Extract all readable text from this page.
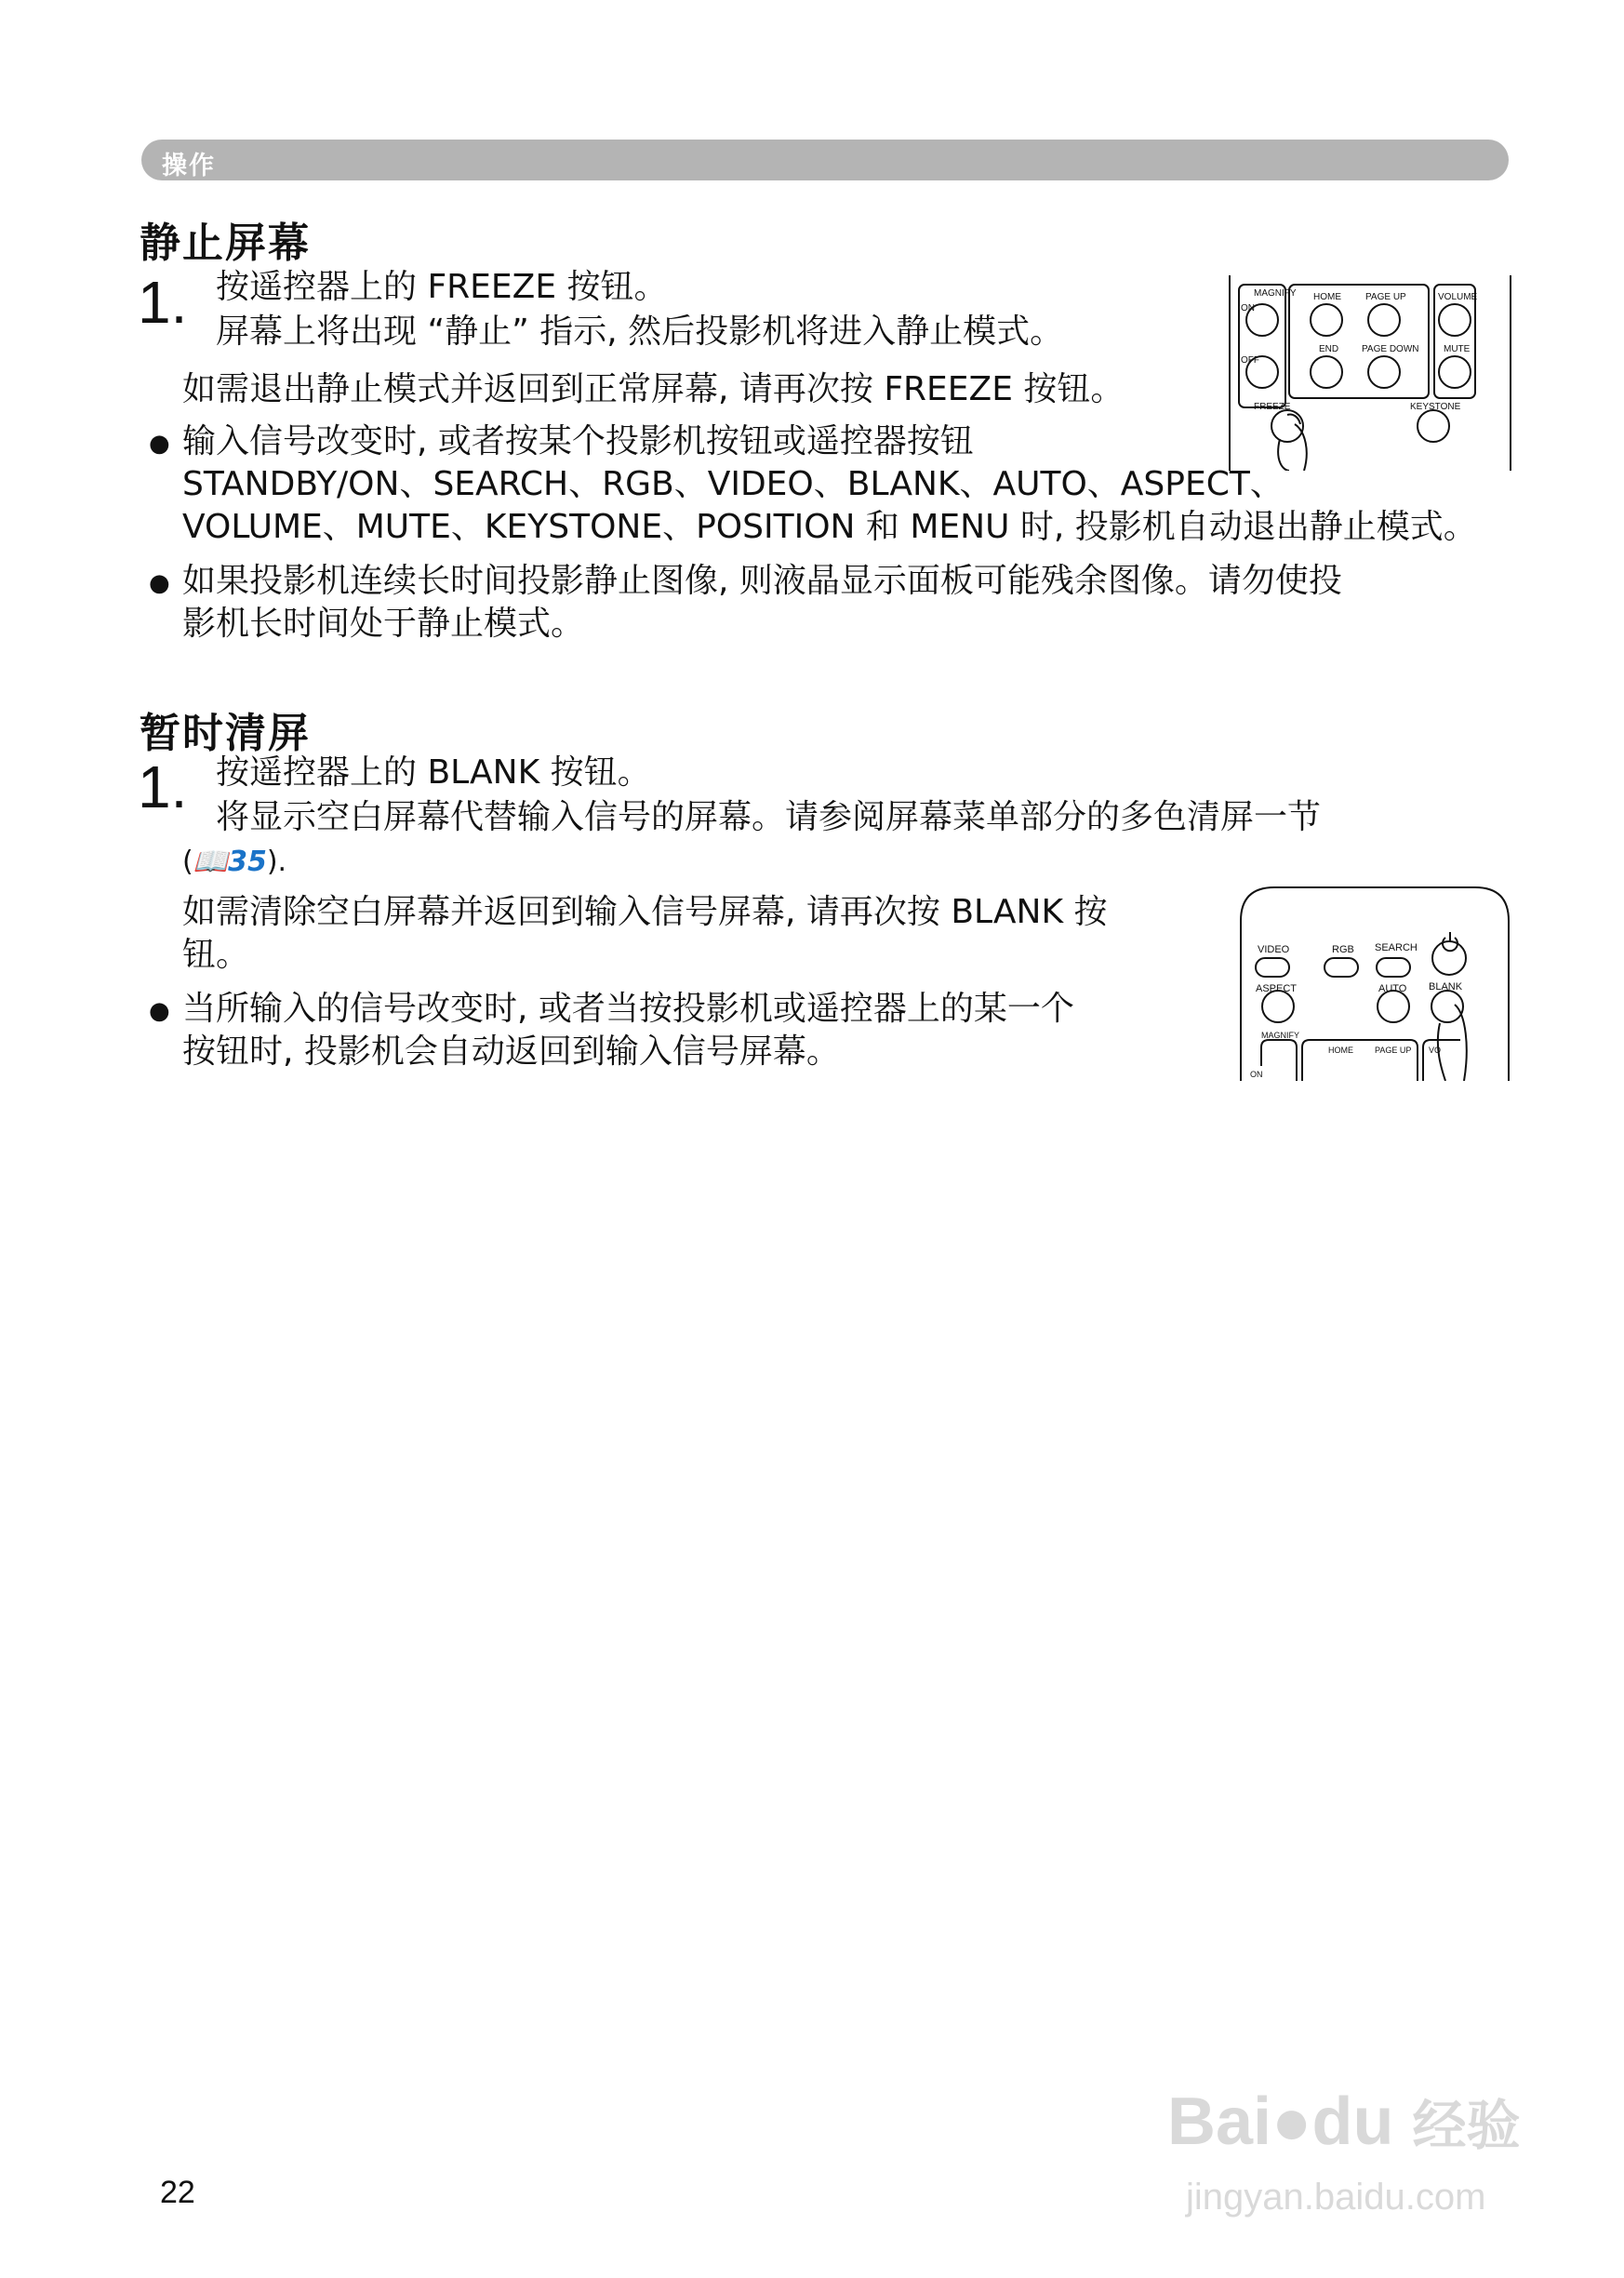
操作
静止屏幕
1. 按遥控器上的 FREEZE 按钮。
屏幕上将出现 “静止” 指示, 然后投影机将进入静止模式。
如需退出静止模式并返回到正常屏幕, 请再次按 FREEZE 按钮。
● 输入信号改变时, 或者按某个投影机按钮或遥控器按钮
STANDBY/ON、SEARCH、RGB、VIDEO、BLANK、AUTO、ASPECT、
VOLUME、MUTE、KEYSTONE、POSITION 和 MENU 时, 投影机自动退出静止模式。
● 如果投影机连续长时间投影静止图像, 则液晶显示面板可能残余图像。请勿使投
影机长时间处于静止模式。
MAGNIFY
ON
OFF
HOME	PAGE UP	VOLUME
END PAGE DOWN	MUTE
FREEZE	KEYSTONE
暂时清屏
1. 按遥控器上的 BLANK 按钮。
将显示空白屏幕代替输入信号的屏幕。请参阅屏幕菜单部分的多色清屏一节
(📖35).
如需清除空白屏幕并返回到输入信号屏幕, 请再次按 BLANK 按
钮。
● 当所输入的信号改变时, 或者当按投影机或遥控器上的某一个
按钮时, 投影机会自动返回到输入信号屏幕。
VIDEO	RGB SEARCH
ASPECT	AUTO BLANK
MAGNIFY
HOME	PAGE UP VO
ON
22
Bai●du 经验
jingyan.baidu.com
